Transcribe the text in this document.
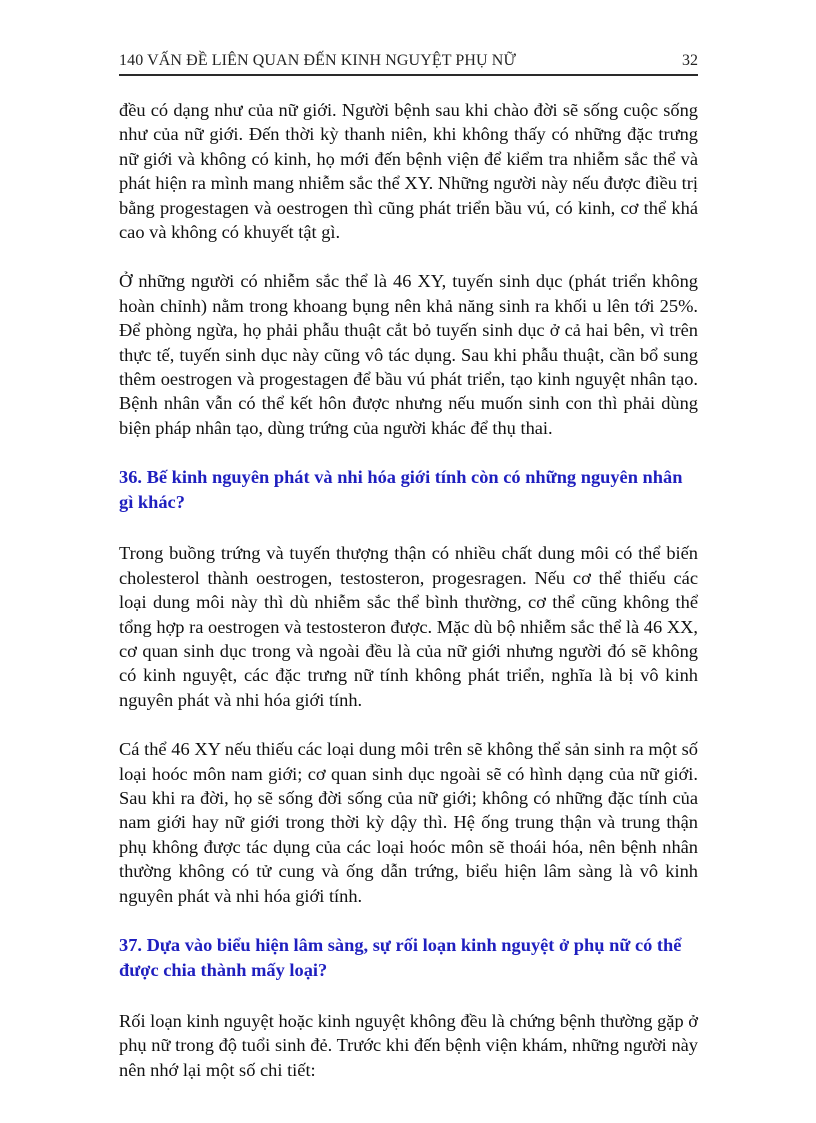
140 VẤN ĐỀ LIÊN QUAN ĐẾN KINH NGUYỆT PHỤ NỮ	32

đều có dạng như của nữ giới. Người bệnh sau khi chào đời sẽ sống cuộc sống như của nữ giới. Đến thời kỳ thanh niên, khi không thấy có những đặc trưng nữ giới và không có kinh, họ mới đến bệnh viện để kiểm tra nhiễm sắc thể và phát hiện ra mình mang nhiễm sắc thể XY. Những người này nếu được điều trị bằng progestagen và oestrogen thì cũng phát triển bầu vú, có kinh, cơ thể khá cao và không có khuyết tật gì.

Ở những người có nhiễm sắc thể là 46 XY, tuyến sinh dục (phát triển không hoàn chỉnh) nằm trong khoang bụng nên khả năng sinh ra khối u lên tới 25%. Để phòng ngừa, họ phải phẫu thuật cắt bỏ tuyến sinh dục ở cả hai bên, vì trên thực tế, tuyến sinh dục này cũng vô tác dụng. Sau khi phẫu thuật, cần bổ sung thêm oestrogen và progestagen để bầu vú phát triển, tạo kinh nguyệt nhân tạo. Bệnh nhân vẫn có thể kết hôn được nhưng nếu muốn sinh con thì phải dùng biện pháp nhân tạo, dùng trứng của người khác để thụ thai.

36. Bế kinh nguyên phát và nhi hóa giới tính còn có những nguyên nhân gì khác?

Trong buồng trứng và tuyến thượng thận có nhiều chất dung môi có thể biến cholesterol thành oestrogen, testosteron, progesragen. Nếu cơ thể thiếu các loại dung môi này thì dù nhiễm sắc thể bình thường, cơ thể cũng không thể tổng hợp ra oestrogen và testosteron được. Mặc dù bộ nhiễm sắc thể là 46 XX, cơ quan sinh dục trong và ngoài đều là của nữ giới nhưng người đó sẽ không có kinh nguyệt, các đặc trưng nữ tính không phát triển, nghĩa là bị vô kinh nguyên phát và nhi hóa giới tính.

Cá thể 46 XY nếu thiếu các loại dung môi trên sẽ không thể sản sinh ra một số loại hoóc môn nam giới; cơ quan sinh dục ngoài sẽ có hình dạng của nữ giới. Sau khi ra đời, họ sẽ sống đời sống của nữ giới; không có những đặc tính của nam giới hay nữ giới trong thời kỳ dậy thì. Hệ ống trung thận và trung thận phụ không được tác dụng của các loại hoóc môn sẽ thoái hóa, nên bệnh nhân thường không có tử cung và ống dẫn trứng, biểu hiện lâm sàng là vô kinh nguyên phát và nhi hóa giới tính.

37. Dựa vào biểu hiện lâm sàng, sự rối loạn kinh nguyệt ở phụ nữ có thể được chia thành mấy loại?

Rối loạn kinh nguyệt hoặc kinh nguyệt không đều là chứng bệnh thường gặp ở phụ nữ trong độ tuổi sinh đẻ. Trước khi đến bệnh viện khám, những người này nên nhớ lại một số chi tiết:
